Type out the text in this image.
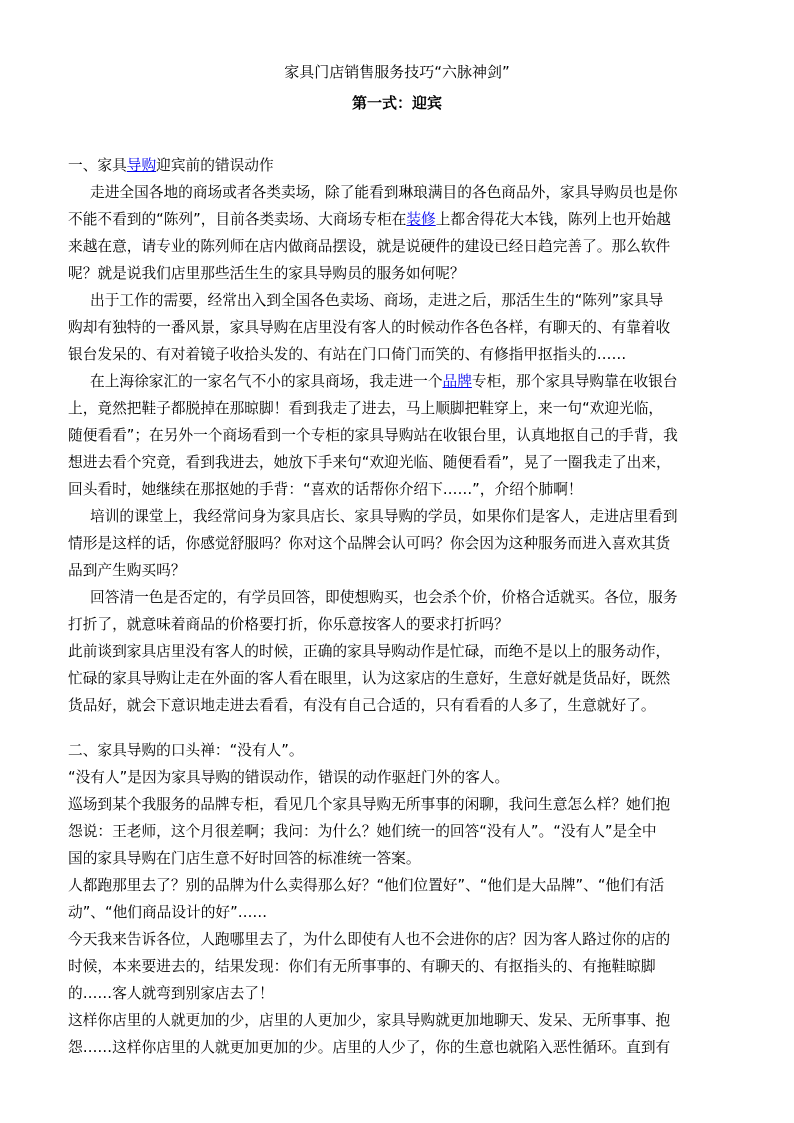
家具门店销售服务技巧“六脉神剑”
第一式：迎宾
一、家具导购迎宾前的错误动作
走进全国各地的商场或者各类卖场，除了能看到琳琅满目的各色商品外，家具导购员也是你
不能不看到的“陈列”，目前各类卖场、大商场专柜在装修上都舍得花大本钱，陈列上也开始越
来越在意，请专业的陈列师在店内做商品摆设，就是说硬件的建设已经日趋完善了。那么软件
呢？就是说我们店里那些活生生的家具导购员的服务如何呢？
出于工作的需要，经常出入到全国各色卖场、商场，走进之后，那活生生的“陈列”家具导
购却有独特的一番风景，家具导购在店里没有客人的时候动作各色各样，有聊天的、有靠着收
银台发呆的、有对着镜子收拾头发的、有站在门口倚门而笑的、有修指甲抠指头的……
在上海徐家汇的一家名气不小的家具商场，我走进一个品牌专柜，那个家具导购靠在收银台
上，竟然把鞋子都脱掉在那晾脚！看到我走了进去，马上顺脚把鞋穿上，来一句“欢迎光临，
随便看看”；在另外一个商场看到一个专柜的家具导购站在收银台里，认真地抠自己的手背，我
想进去看个究竟，看到我进去，她放下手来句“欢迎光临、随便看看”，晃了一圈我走了出来，
回头看时，她继续在那抠她的手背：“喜欢的话帮你介绍下……”，介绍个肺啊！
培训的课堂上，我经常问身为家具店长、家具导购的学员，如果你们是客人，走进店里看到
情形是这样的话，你感觉舒服吗？你对这个品牌会认可吗？你会因为这种服务而进入喜欢其货
品到产生购买吗？
回答清一色是否定的，有学员回答，即使想购买，也会杀个价，价格合适就买。各位，服务
打折了，就意味着商品的价格要打折，你乐意按客人的要求打折吗？
此前谈到家具店里没有客人的时候，正确的家具导购动作是忙碌，而绝不是以上的服务动作，
忙碌的家具导购让走在外面的客人看在眼里，认为这家店的生意好，生意好就是货品好，既然
货品好，就会下意识地走进去看看，有没有自己合适的，只有看看的人多了，生意就好了。
二、家具导购的口头禅：“没有人”。
“没有人”是因为家具导购的错误动作，错误的动作驱赶门外的客人。
巡场到某个我服务的品牌专柜，看见几个家具导购无所事事的闲聊，我问生意怎么样？她们抱
怨说：王老师，这个月很差啊；我问：为什么？她们统一的回答“没有人”。“没有人”是全中
国的家具导购在门店生意不好时回答的标准统一答案。
人都跑那里去了？别的品牌为什么卖得那么好？“他们位置好”、“他们是大品牌”、“他们有活
动”、“他们商品设计的好”……
今天我来告诉各位，人跑哪里去了，为什么即使有人也不会进你的店？因为客人路过你的店的
时候，本来要进去的，结果发现：你们有无所事事的、有聊天的、有抠指头的、有拖鞋晾脚
的……客人就弯到别家店去了！
这样你店里的人就更加的少，店里的人更加少，家具导购就更加地聊天、发呆、无所事事、抱
怨……这样你店里的人就更加更加的少。店里的人少了，你的生意也就陷入恶性循环。直到有
